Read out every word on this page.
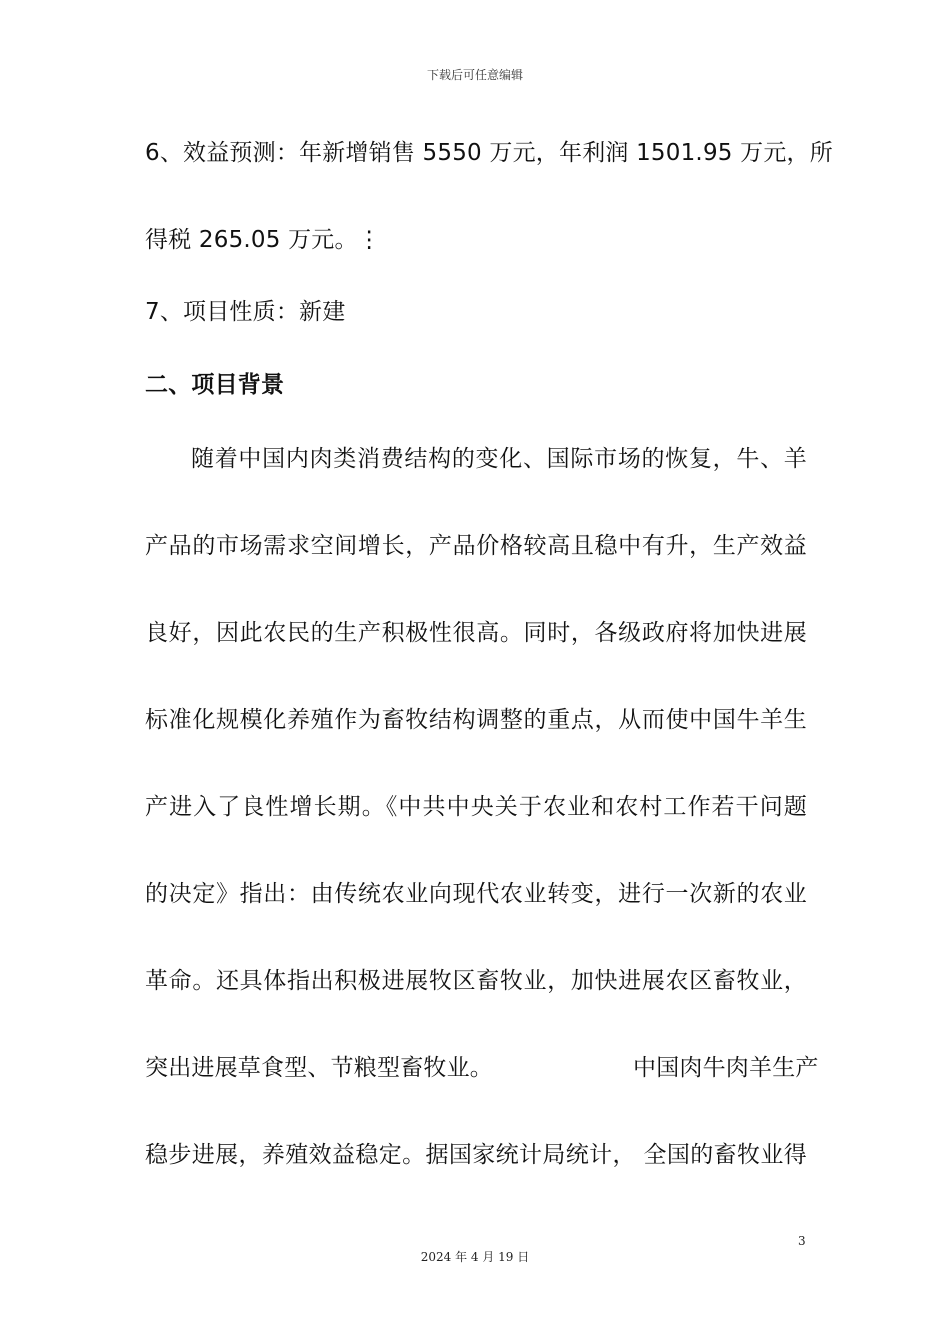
下载后可任意编辑
6、效益预测：年新增销售 5550 万元，年利润 1501.95 万元，所
得税 265.05 万元。⋮
7、项目性质：新建
二、项目背景
随着中国内肉类消费结构的变化、国际市场的恢复，牛、羊
产品的市场需求空间增长，产品价格较高且稳中有升，生产效益
良好，因此农民的生产积极性很高。同时，各级政府将加快进展
标准化规模化养殖作为畜牧结构调整的重点，从而使中国牛羊生
产进入了良性增长期。《中共中央关于农业和农村工作若干问题
的决定》指出：由传统农业向现代农业转变，进行一次新的农业
革命。还具体指出积极进展牧区畜牧业，加快进展农区畜牧业，
突出进展草食型、节粮型畜牧业。	中国肉牛肉羊生产
稳步进展，养殖效益稳定。据国家统计局统计， 全国的畜牧业得
3
2024 年 4 月 19 日
